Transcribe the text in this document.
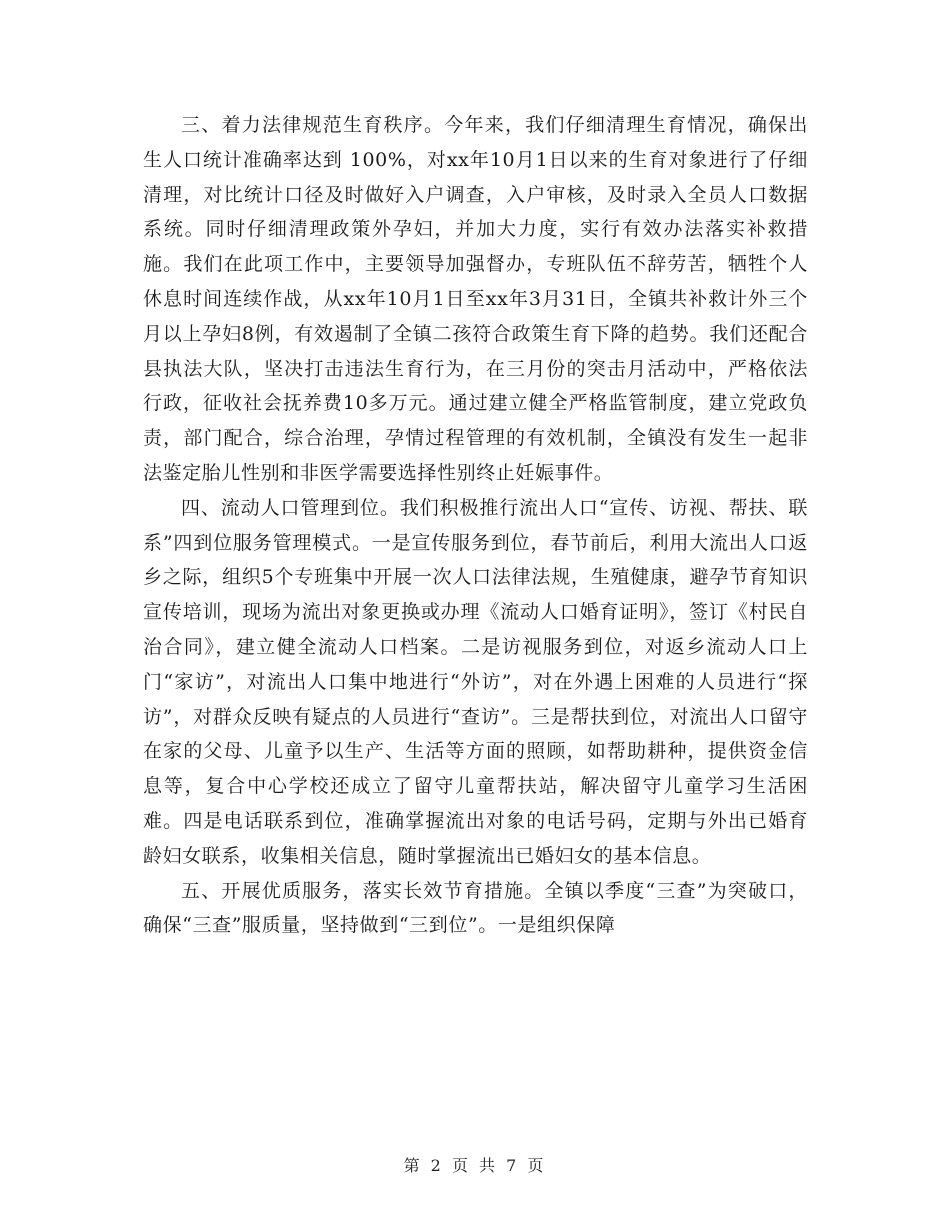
三、着力法律规范生育秩序。今年来，我们仔细清理生育情况，确保出生人口统计准确率达到 100%，对xx年10月1日以来的生育对象进行了仔细清理，对比统计口径及时做好入户调查，入户审核，及时录入全员人口数据系统。同时仔细清理政策外孕妇，并加大力度，实行有效办法落实补救措施。我们在此项工作中，主要领导加强督办，专班队伍不辞劳苦，牺牲个人休息时间连续作战，从xx年10月1日至xx年3月31日，全镇共补救计外三个月以上孕妇8例，有效遏制了全镇二孩符合政策生育下降的趋势。我们还配合县执法大队，坚决打击违法生育行为，在三月份的突击月活动中，严格依法行政，征收社会抚养费10多万元。通过建立健全严格监管制度，建立党政负责，部门配合，综合治理，孕情过程管理的有效机制，全镇没有发生一起非法鉴定胎儿性别和非医学需要选择性别终止妊娠事件。

四、流动人口管理到位。我们积极推行流出人口“宣传、访视、帮扶、联系”四到位服务管理模式。一是宣传服务到位，春节前后，利用大流出人口返乡之际，组织5个专班集中开展一次人口法律法规，生殖健康，避孕节育知识宣传培训，现场为流出对象更换或办理《流动人口婚育证明》，签订《村民自治合同》，建立健全流动人口档案。二是访视服务到位，对返乡流动人口上门“家访”，对流出人口集中地进行“外访”，对在外遇上困难的人员进行“探访”，对群众反映有疑点的人员进行“查访”。三是帮扶到位，对流出人口留守在家的父母、儿童予以生产、生活等方面的照顾，如帮助耕种，提供资金信息等，复合中心学校还成立了留守儿童帮扶站，解决留守儿童学习生活困难。四是电话联系到位，准确掌握流出对象的电话号码，定期与外出已婚育龄妇女联系，收集相关信息，随时掌握流出已婚妇女的基本信息。

五、开展优质服务，落实长效节育措施。全镇以季度“三查”为突破口，确保“三查”服质量，坚持做到“三到位”。一是组织保障

第 2 页 共 7 页
